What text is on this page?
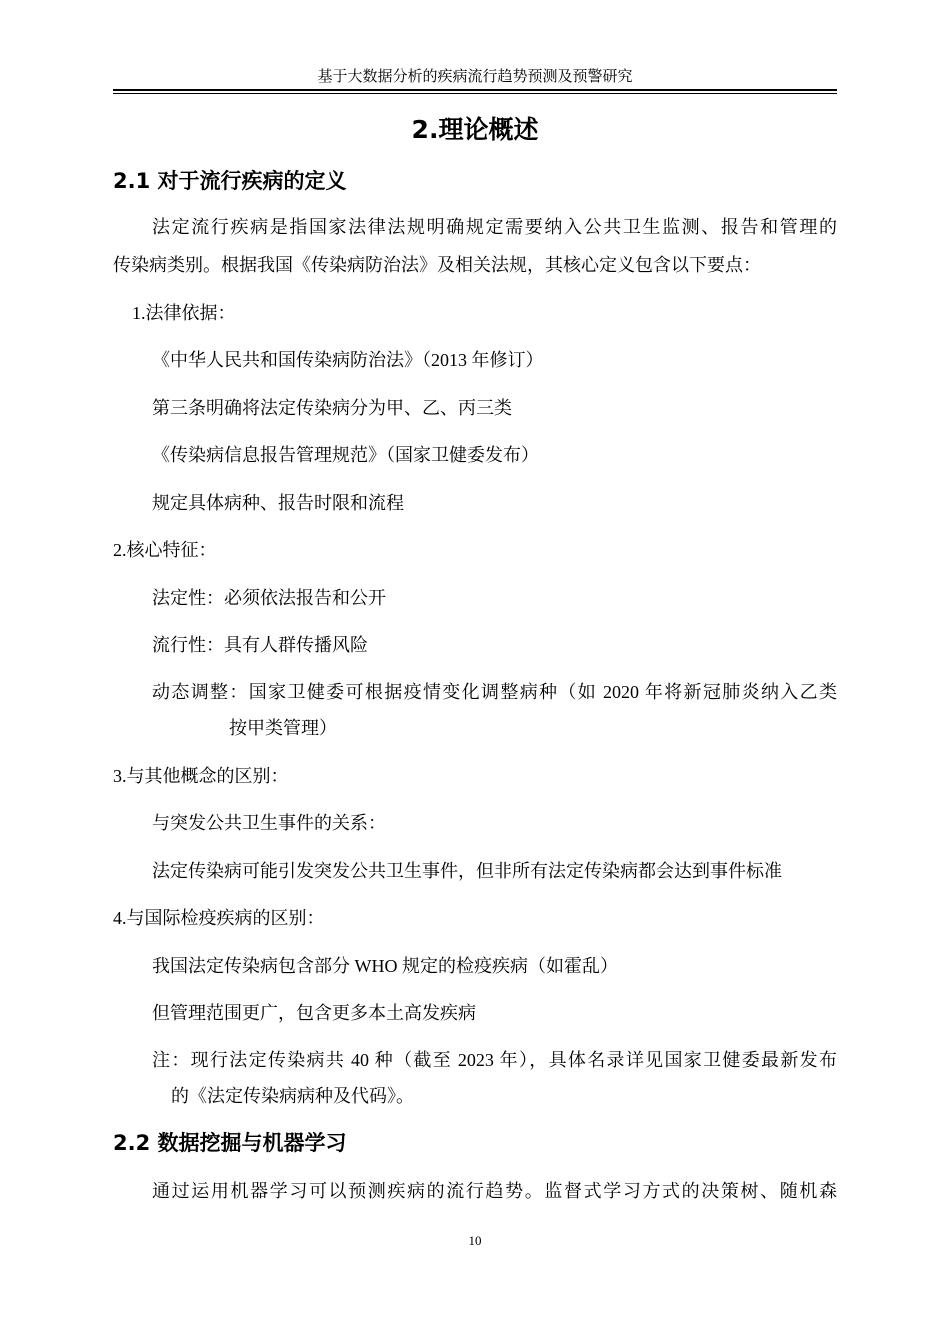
基于大数据分析的疾病流行趋势预测及预警研究
2.理论概述
2.1 对于流行疾病的定义
法定流行疾病是指国家法律法规明确规定需要纳入公共卫生监测、报告和管理的
传染病类别。根据我国《传染病防治法》及相关法规，其核心定义包含以下要点：
1.法律依据：
《中华人民共和国传染病防治法》（2013 年修订）
第三条明确将法定传染病分为甲、乙、丙三类
《传染病信息报告管理规范》（国家卫健委发布）
规定具体病种、报告时限和流程
2.核心特征：
法定性：必须依法报告和公开
流行性：具有人群传播风险
动态调整：国家卫健委可根据疫情变化调整病种（如 2020 年将新冠肺炎纳入乙类
按甲类管理）
3.与其他概念的区别：
与突发公共卫生事件的关系：
法定传染病可能引发突发公共卫生事件，但非所有法定传染病都会达到事件标准
4.与国际检疫疾病的区别：
我国法定传染病包含部分 WHO 规定的检疫疾病（如霍乱）
但管理范围更广，包含更多本土高发疾病
注：现行法定传染病共 40 种（截至 2023 年），具体名录详见国家卫健委最新发布
的《法定传染病病种及代码》。
2.2 数据挖掘与机器学习
通过运用机器学习可以预测疾病的流行趋势。监督式学习方式的决策树、随机森
10
